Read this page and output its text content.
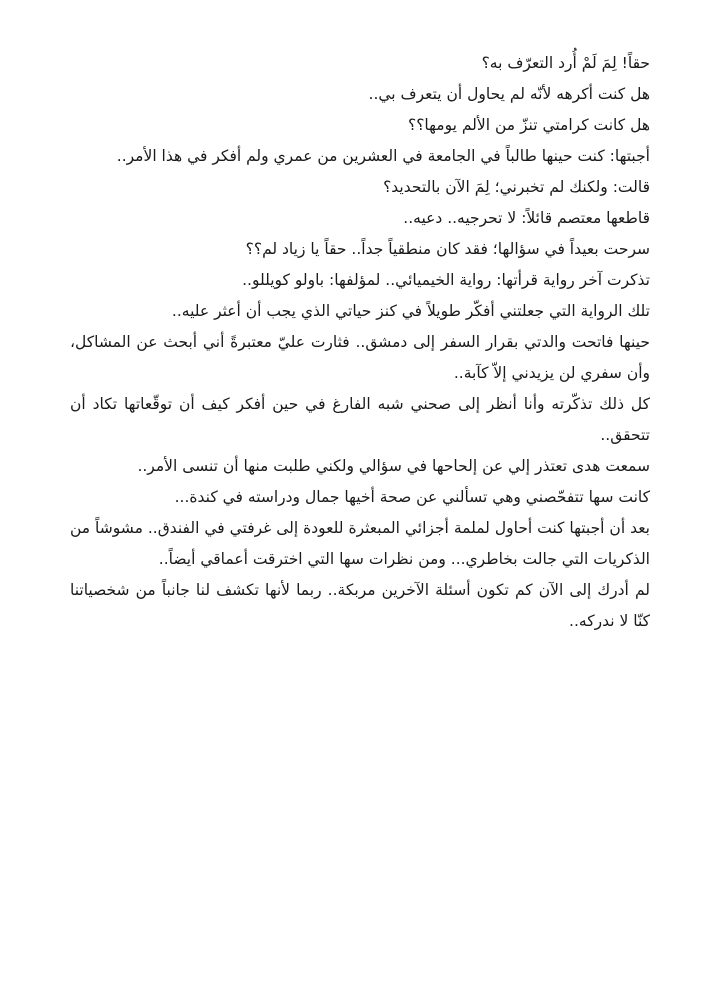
حقاً! لِمَ لَمْ أُرد التعرّف به؟

هل كنت أكرهه لأنّه لم يحاول أن يتعرف بي..

هل كانت كرامتي تنزّ من الألم يومها؟؟

أجبتها: كنت حينها طالباً في الجامعة في العشرين من عمري ولم أفكر في هذا الأمر..

قالت: ولكنك لم تخبرني؛ لِمَ الآن بالتحديد؟

قاطعها معتصم قائلاً: لا تحرجيه.. دعيه..

سرحت بعيداً في سؤالها؛ فقد كان منطقياً جداً.. حقاً يا زياد لم؟؟

تذكرت آخر رواية قرأتها: رواية الخيميائي.. لمؤلفها: باولو كويللو..

تلك الرواية التي جعلتني أفكّر طويلاً في كنز حياتي الذي يجب أن أعثر عليه..

حينها فاتحت والدتي بقرار السفر إلى دمشق.. فثارت عليّ معتبرةً أني أبحث عن المشاكل، وأن سفري لن يزيدني إلاّ كآبة..

كل ذلك تذكّرته وأنا أنظر إلى صحني شبه الفارغ في حين أفكر كيف أن توقّعاتها تكاد أن تتحقق..

سمعت هدى تعتذر إلي عن إلحاحها في سؤالي ولكني طلبت منها أن تنسى الأمر..

كانت سها تتفحّصني وهي تسألني عن صحة أخيها جمال ودراسته في كندة...

بعد أن أجبتها كنت أحاول لملمة أجزائي المبعثرة للعودة إلى غرفتي في الفندق.. مشوشاً من الذكريات التي جالت بخاطري... ومن نظرات سها التي اخترقت أعماقي أيضاً..

لم أدرك إلى الآن كم تكون أسئلة الآخرين مربكة.. ربما لأنها تكشف لنا جانباً من شخصياتنا كنّا لا ندركه..
